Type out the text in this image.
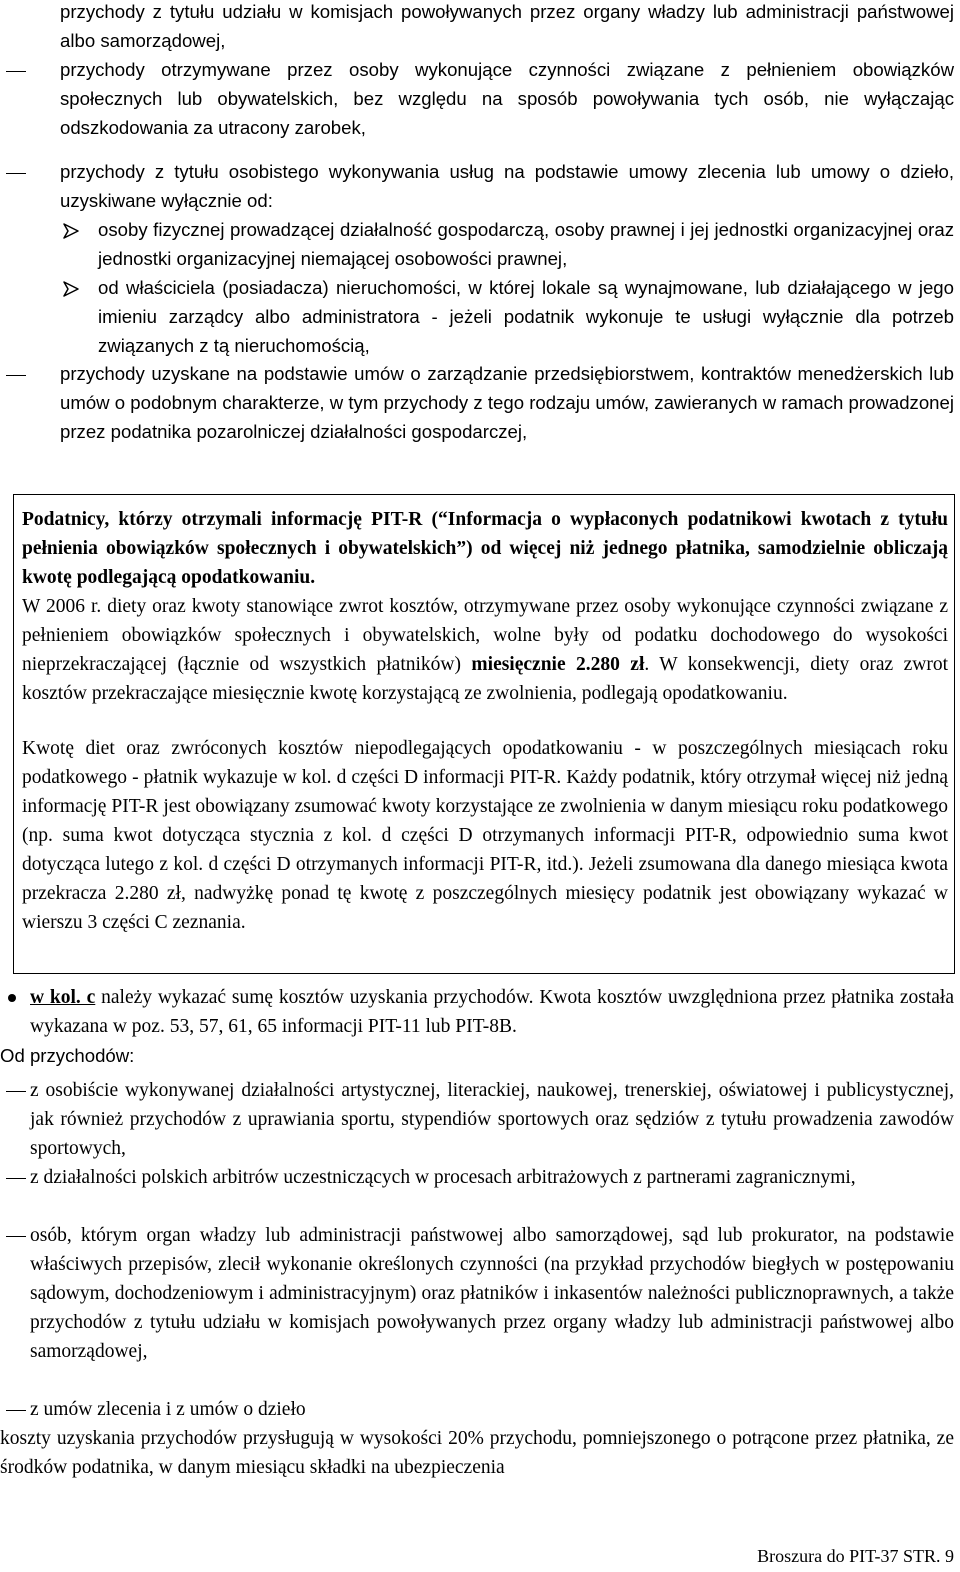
przychody z tytułu udziału w komisjach powoływanych przez organy władzy lub administracji państwowej albo samorządowej,

przychody otrzymywane przez osoby wykonujące czynności związane z pełnieniem obowiązków społecznych lub obywatelskich, bez względu na sposób powoływania tych osób, nie wyłączając odszkodowania za utracony zarobek,

przychody z tytułu osobistego wykonywania usług na podstawie umowy zlecenia lub umowy o dzieło, uzyskiwane wyłącznie od:

osoby fizycznej prowadzącej działalność gospodarczą, osoby prawnej i jej jednostki organizacyjnej oraz jednostki organizacyjnej niemającej osobowości prawnej,

od właściciela (posiadacza) nieruchomości, w której lokale są wynajmowane, lub działającego w jego imieniu zarządcy albo administratora - jeżeli podatnik wykonuje te usługi wyłącznie dla potrzeb związanych z tą nieruchomością,

przychody uzyskane na podstawie umów o zarządzanie przedsiębiorstwem, kontraktów menedżerskich lub umów o podobnym charakterze, w tym przychody z tego rodzaju umów, zawieranych w ramach prowadzonej przez podatnika pozarolniczej działalności gospodarczej,

Podatnicy, którzy otrzymali informację PIT-R (“Informacja o wypłaconych podatnikowi kwotach z tytułu pełnienia obowiązków społecznych i obywatelskich”) od więcej niż jednego płatnika, samodzielnie obliczają kwotę podlegającą opodatkowaniu.

W 2006 r. diety oraz kwoty stanowiące zwrot kosztów, otrzymywane przez osoby wykonujące czynności związane z pełnieniem obowiązków społecznych i obywatelskich, wolne były od podatku dochodowego do wysokości nieprzekraczającej (łącznie od wszystkich płatników) miesięcznie 2.280 zł. W konsekwencji, diety oraz zwrot kosztów przekraczające miesięcznie kwotę korzystającą ze zwolnienia, podlegają opodatkowaniu.

Kwotę diet oraz zwróconych kosztów niepodlegających opodatkowaniu - w poszczególnych miesiącach roku podatkowego - płatnik wykazuje w kol. d części D informacji PIT-R. Każdy podatnik, który otrzymał więcej niż jedną informację PIT-R jest obowiązany zsumować kwoty korzystające ze zwolnienia w danym miesiącu roku podatkowego (np. suma kwot dotycząca stycznia z kol. d części D otrzymanych informacji PIT-R, odpowiednio suma kwot dotycząca lutego z kol. d części D otrzymanych informacji PIT-R, itd.). Jeżeli zsumowana dla danego miesiąca kwota przekracza 2.280 zł, nadwyżkę ponad tę kwotę z poszczególnych miesięcy podatnik jest obowiązany wykazać w wierszu 3 części C zeznania.

w kol. c należy wykazać sumę kosztów uzyskania przychodów. Kwota kosztów uwzględniona przez płatnika została wykazana w poz. 53, 57, 61, 65 informacji PIT-11 lub PIT-8B.

Od przychodów:

z osobiście wykonywanej działalności artystycznej, literackiej, naukowej, trenerskiej, oświatowej i publicystycznej, jak również przychodów z uprawiania sportu, stypendiów sportowych oraz sędziów z tytułu prowadzenia zawodów sportowych,

z działalności polskich arbitrów uczestniczących w procesach arbitrażowych z partnerami zagranicznymi,

osób, którym organ władzy lub administracji państwowej albo samorządowej, sąd lub prokurator, na podstawie właściwych przepisów, zlecił wykonanie określonych czynności (na przykład przychodów biegłych w postępowaniu sądowym, dochodzeniowym i administracyjnym) oraz płatników i inkasentów należności publicznoprawnych, a także przychodów z tytułu udziału w komisjach powoływanych przez organy władzy lub administracji państwowej albo samorządowej,

z umów zlecenia i z umów o dzieło

koszty uzyskania przychodów przysługują w wysokości 20% przychodu, pomniejszonego o potrącone przez płatnika, ze środków podatnika, w danym miesiącu składki na ubezpieczenia

Broszura do PIT-37 STR. 9
